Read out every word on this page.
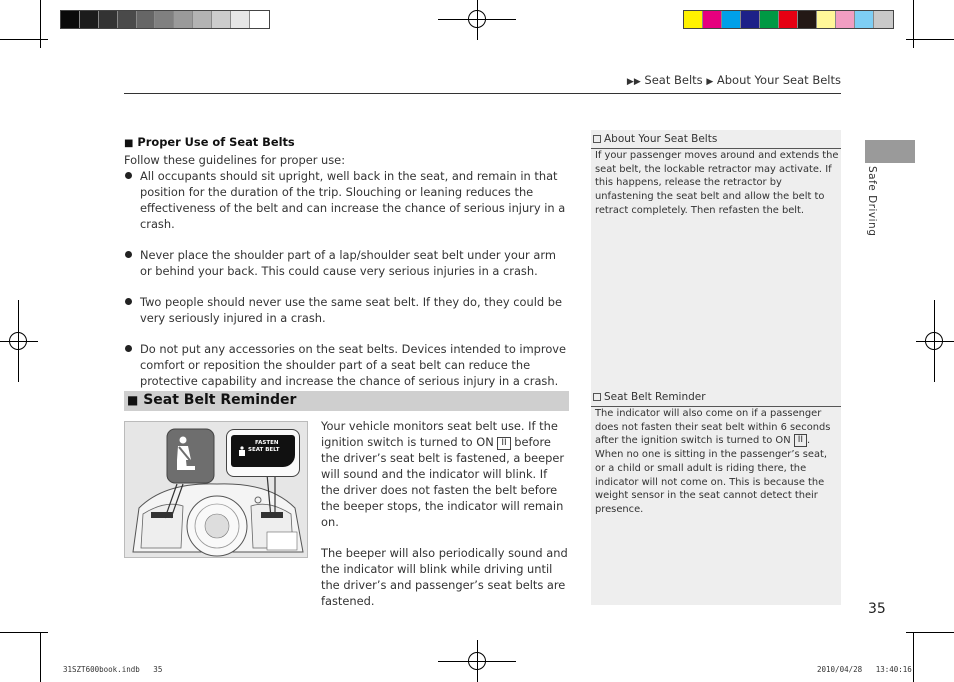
▶▶ Seat Belts ▶ About Your Seat Belts
■ Proper Use of Seat Belts
Follow these guidelines for proper use:
All occupants should sit upright, well back in the seat, and remain in that position for the duration of the trip. Slouching or leaning reduces the effectiveness of the belt and can increase the chance of serious injury in a crash.
Never place the shoulder part of a lap/shoulder seat belt under your arm or behind your back. This could cause very serious injuries in a crash.
Two people should never use the same seat belt. If they do, they could be very seriously injured in a crash.
Do not put any accessories on the seat belts. Devices intended to improve comfort or reposition the shoulder part of a seat belt can reduce the protective capability and increase the chance of serious injury in a crash.
■ Seat Belt Reminder
FASTEN
SEAT BELT

Your vehicle monitors seat belt use. If the ignition switch is turned to ON II before the driver’s seat belt is fastened, a beeper will sound and the indicator will blink. If the driver does not fasten the belt before the beeper stops, the indicator will remain on.

The beeper will also periodically sound and the indicator will blink while driving until the driver’s and passenger’s seat belts are fastened.

About Your Seat Belts
If your passenger moves around and extends the seat belt, the lockable retractor may activate. If this happens, release the retractor by unfastening the seat belt and allow the belt to retract completely. Then refasten the belt.
Seat Belt Reminder
The indicator will also come on if a passenger does not fasten their seat belt within 6 seconds after the ignition switch is turned to ON II . When no one is sitting in the passenger’s seat, or a child or small adult is riding there, the indicator will not come on. This is because the weight sensor in the seat cannot detect their presence.
Safe Driving
35
31SZT600book.indb   35	2010/04/28   13:40:16
